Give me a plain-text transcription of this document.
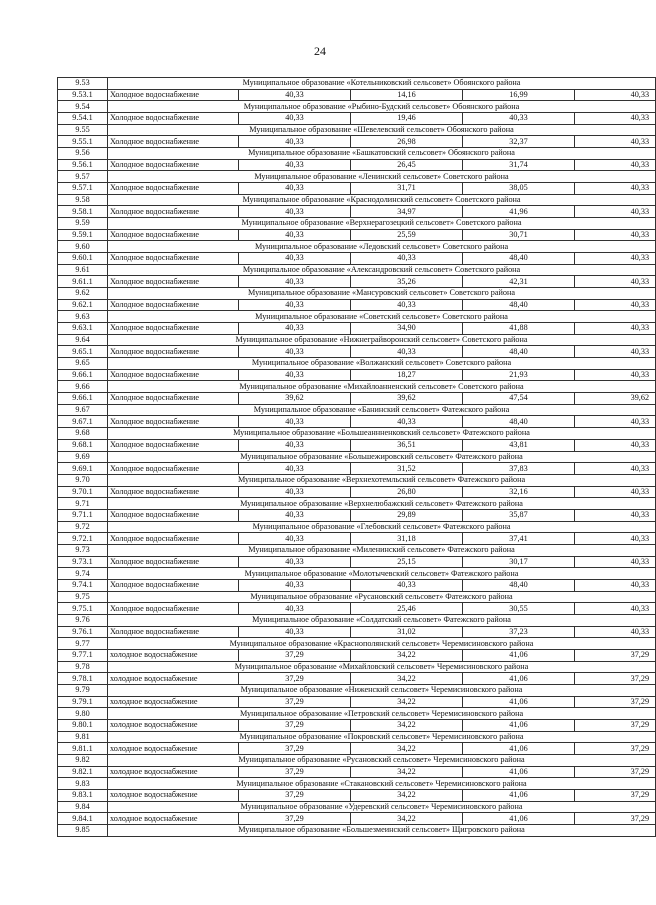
24
9.53	Муниципальное образование «Котельниковский сельсовет» Обоянского района				
9.53.1	Холодное водоснабжение	40,33	14,16	16,99	40,33
9.54	Муниципальное образование «Рыбино-Будский сельсовет» Обоянского района				
9.54.1	Холодное водоснабжение	40,33	19,46	40,33	40,33
9.55	Муниципальное образование «Шевелевский сельсовет» Обоянского района				
9.55.1	Холодное водоснабжение	40,33	26,98	32,37	40,33
9.56	Муниципальное образование «Башкатовский сельсовет» Обоянского района				
9.56.1	Холодное водоснабжение	40,33	26,45	31,74	40,33
9.57	Муниципальное образование «Ленинский сельсовет» Советского района				
9.57.1	Холодное водоснабжение	40,33	31,71	38,05	40,33
9.58	Муниципальное образование «Краснодолинский сельсовет» Советского района				
9.58.1	Холодное водоснабжение	40,33	34,97	41,96	40,33
9.59	Муниципальное образование «Верхнерагозецкий сельсовет» Советского района				
9.59.1	Холодное водоснабжение	40,33	25,59	30,71	40,33
9.60	Муниципальное образование «Ледовский сельсовет» Советского района				
9.60.1	Холодное водоснабжение	40,33	40,33	48,40	40,33
9.61	Муниципальное образование «Александровский сельсовет» Советского района				
9.61.1	Холодное водоснабжение	40,33	35,26	42,31	40,33
9.62	Муниципальное образование «Мансуровский сельсовет» Советского района				
9.62.1	Холодное водоснабжение	40,33	40,33	48,40	40,33
9.63	Муниципальное образование «Советский сельсовет» Советского района				
9.63.1	Холодное водоснабжение	40,33	34,90	41,88	40,33
9.64	Муниципальное образование «Нижнеграйворонский сельсовет» Советского района				
9.65.1	Холодное водоснабжение	40,33	40,33	48,40	40,33
9.65	Муниципальное образование «Волжанский сельсовет» Советского района				
9.66.1	Холодное водоснабжение	40,33	18,27	21,93	40,33
9.66	Муниципальное образование «Михайлоанненский сельсовет» Советского района				
9.66.1	Холодное водоснабжение	39,62	39,62	47,54	39,62
9.67	Муниципальное образование «Банинский сельсовет» Фатежского района				
9.67.1	Холодное водоснабжение	40,33	40,33	48,40	40,33
9.68	Муниципальное образование «Большеаннненковский сельсовет» Фатежского района				
9.68.1	Холодное водоснабжение	40,33	36,51	43,81	40,33
9.69	Муниципальное образование «Большежировский сельсовет» Фатежского района				
9.69.1	Холодное водоснабжение	40,33	31,52	37,83	40,33
9.70	Муниципальное образование «Верхнехотемльский сельсовет» Фатежского района				
9.70.1	Холодное водоснабжение	40,33	26,80	32,16	40,33
9.71	Муниципальное образование «Верхнелюбажский сельсовет» Фатежского района				
9.71.1	Холодное водоснабжение	40,33	29,89	35,87	40,33
9.72	Муниципальное образование «Глебовский сельсовет» Фатежского района				
9.72.1	Холодное водоснабжение	40,33	31,18	37,41	40,33
9.73	Муниципальное образование «Миленинский сельсовет» Фатежского района				
9.73.1	Холодное водоснабжение	40,33	25,15	30,17	40,33
9.74	Муниципальное образование «Молотычевский сельсовет» Фатежского района				
9.74.1	Холодное водоснабжение	40,33	40,33	48,40	40,33
9.75	Муниципальное образование «Русановский сельсовет» Фатежского района				
9.75.1	Холодное водоснабжение	40,33	25,46	30,55	40,33
9.76	Муниципальное образование «Солдатский сельсовет» Фатежского района				
9.76.1	Холодное водоснабжение	40,33	31,02	37,23	40,33
9.77	Муниципальное образование «Краснополянский сельсовет» Черемисиновского района				
9.77.1	холодное водоснабжение	37,29	34,22	41,06	37,29
9.78	Муниципальное образование «Михайловский сельсовет» Черемисиновского района				
9.78.1	холодное водоснабжение	37,29	34,22	41,06	37,29
9.79	Муниципальное образование «Ниженский сельсовет» Черемисиновского района				
9.79.1	холодное водоснабжение	37,29	34,22	41,06	37,29
9.80	Муниципальное образование «Петровский сельсовет» Черемисиновского района				
9.80.1	холодное водоснабжение	37,29	34,22	41,06	37,29
9.81	Муниципальное образование «Покровский сельсовет» Черемисиновского района				
9.81.1	холодное водоснабжение	37,29	34,22	41,06	37,29
9.82	Муниципальное образование «Русановский сельсовет» Черемисиновского района				
9.82.1	холодное водоснабжение	37,29	34,22	41,06	37,29
9.83	Муниципальное образование «Стакановский сельсовет» Черемисиновского района				
9.83.1	холодное водоснабжение	37,29	34,22	41,06	37,29
9.84	Муниципальное образование «Удеревский сельсовет» Черемисиновского района				
9.84.1	холодное водоснабжение	37,29	34,22	41,06	37,29
9.85	Муниципальное образование «Большезмеинский сельсовет» Щигровского района				
